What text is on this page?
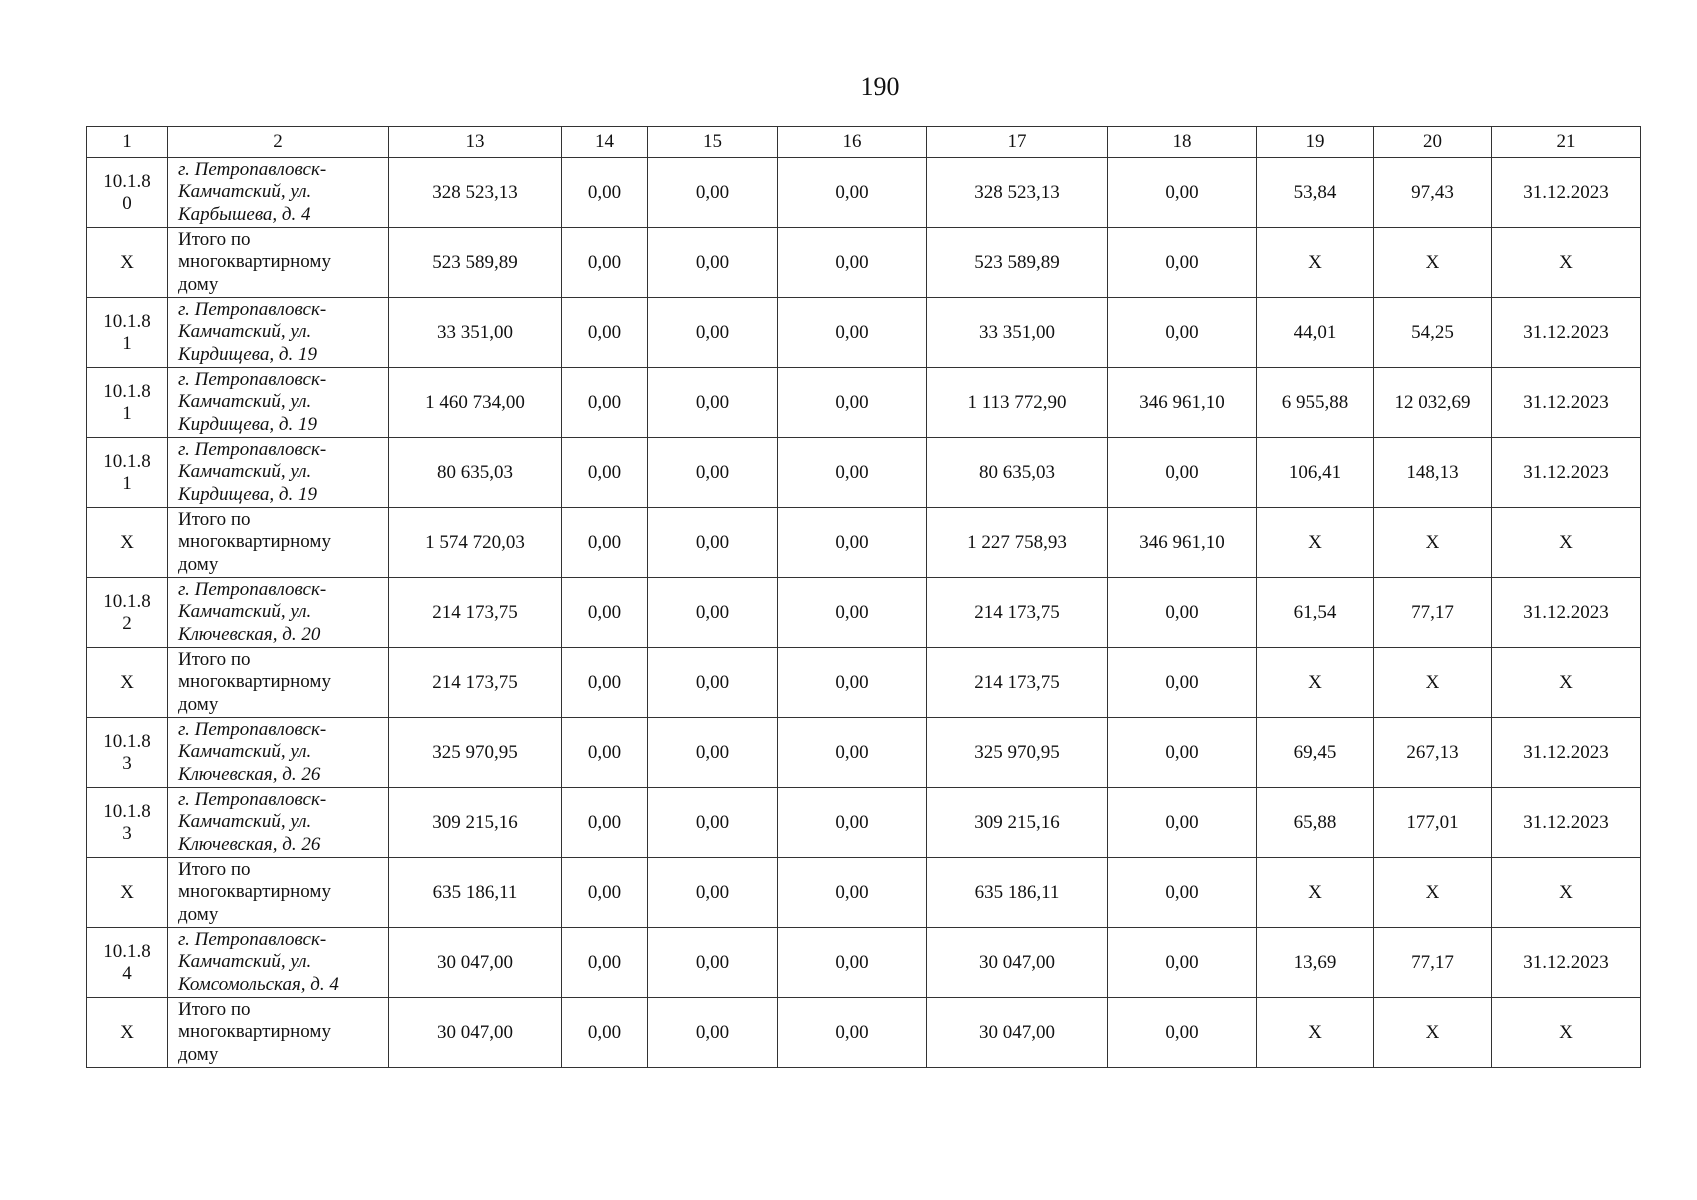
190
1	2	13	14	15	16	17	18	19	20	21
10.1.8
0	г. Петропавловск-
Камчатский, ул.
Карбышева, д. 4	328 523,13	0,00	0,00	0,00	328 523,13	0,00	53,84	97,43	31.12.2023
X	Итого по
многоквартирному
дому	523 589,89	0,00	0,00	0,00	523 589,89	0,00	X	X	X
10.1.8
1	г. Петропавловск-
Камчатский, ул.
Кирдищева, д. 19	33 351,00	0,00	0,00	0,00	33 351,00	0,00	44,01	54,25	31.12.2023
10.1.8
1	г. Петропавловск-
Камчатский, ул.
Кирдищева, д. 19	1 460 734,00	0,00	0,00	0,00	1 113 772,90	346 961,10	6 955,88	12 032,69	31.12.2023
10.1.8
1	г. Петропавловск-
Камчатский, ул.
Кирдищева, д. 19	80 635,03	0,00	0,00	0,00	80 635,03	0,00	106,41	148,13	31.12.2023
X	Итого по
многоквартирному
дому	1 574 720,03	0,00	0,00	0,00	1 227 758,93	346 961,10	X	X	X
10.1.8
2	г. Петропавловск-
Камчатский, ул.
Ключевская, д. 20	214 173,75	0,00	0,00	0,00	214 173,75	0,00	61,54	77,17	31.12.2023
X	Итого по
многоквартирному
дому	214 173,75	0,00	0,00	0,00	214 173,75	0,00	X	X	X
10.1.8
3	г. Петропавловск-
Камчатский, ул.
Ключевская, д. 26	325 970,95	0,00	0,00	0,00	325 970,95	0,00	69,45	267,13	31.12.2023
10.1.8
3	г. Петропавловск-
Камчатский, ул.
Ключевская, д. 26	309 215,16	0,00	0,00	0,00	309 215,16	0,00	65,88	177,01	31.12.2023
X	Итого по
многоквартирному
дому	635 186,11	0,00	0,00	0,00	635 186,11	0,00	X	X	X
10.1.8
4	г. Петропавловск-
Камчатский, ул.
Комсомольская, д. 4	30 047,00	0,00	0,00	0,00	30 047,00	0,00	13,69	77,17	31.12.2023
X	Итого по
многоквартирному
дому	30 047,00	0,00	0,00	0,00	30 047,00	0,00	X	X	X
